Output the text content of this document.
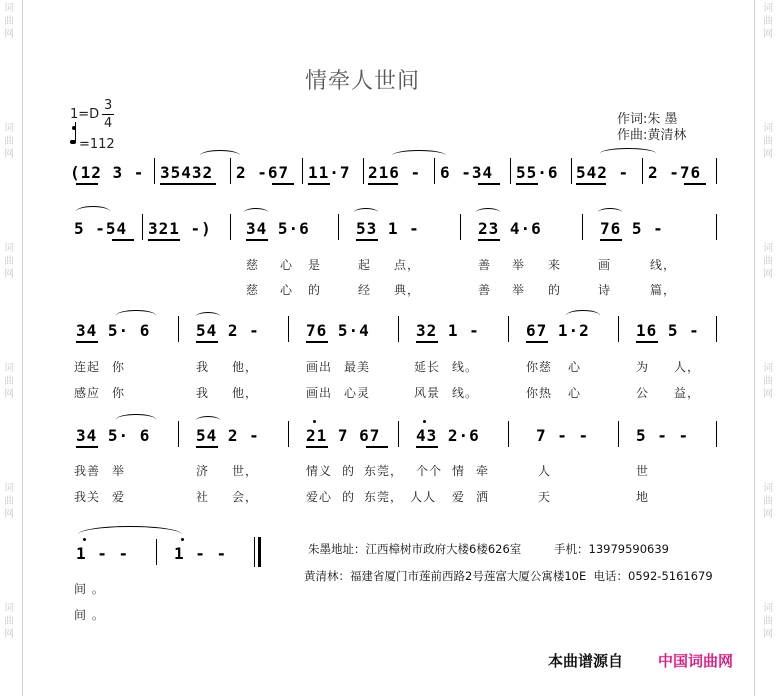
词
曲
网
词
曲
网
词
曲
网
词
曲
网
词
曲
网
词
曲
网
词
曲
网
词
曲
网
词
曲
网
词
曲
网
词
曲
网
词
曲
网
情牵人世间
1=D
3
4
=112
作词:朱 墨
作曲:黄清林
(12 3 - 35432 2 -67 11·7 216 - 6 -34 55·6 542 - 2 -76
5 -54 321 -) 34 5·6	53 1 -	23 4·6	76 5 -
慈 心 是	起 点，	善 举 来	画	线，
慈 心 的	经 典，	善 举 的	诗	篇，
34 5· 6	54 2 -	76 5·4	32 1 -	67 1·2	16 5 -
连起 你	我 他，	画出 最美	延长 线。	你慈 心	为 人，
感应 你	我 他，	画出 心灵	风景 线。	你热 心	公 益，
34 5· 6	54 2 -	21 7 67 43 2·6	7 - -	5 - -
我善 举	济 世，	情义 的 东莞， 个个 情 牵	人	世
我关 爱	社 会，	爱心 的 东莞， 人人 爱 洒	天	地
1 - -	1 - -
间 。
间 。
朱墨地址：江西樟树市政府大楼6楼626室	手机：13979590639
黄清林：福建省厦门市莲前西路2号莲富大厦公寓楼10E  电话：0592-5161679
本曲谱源自 中国词曲网
